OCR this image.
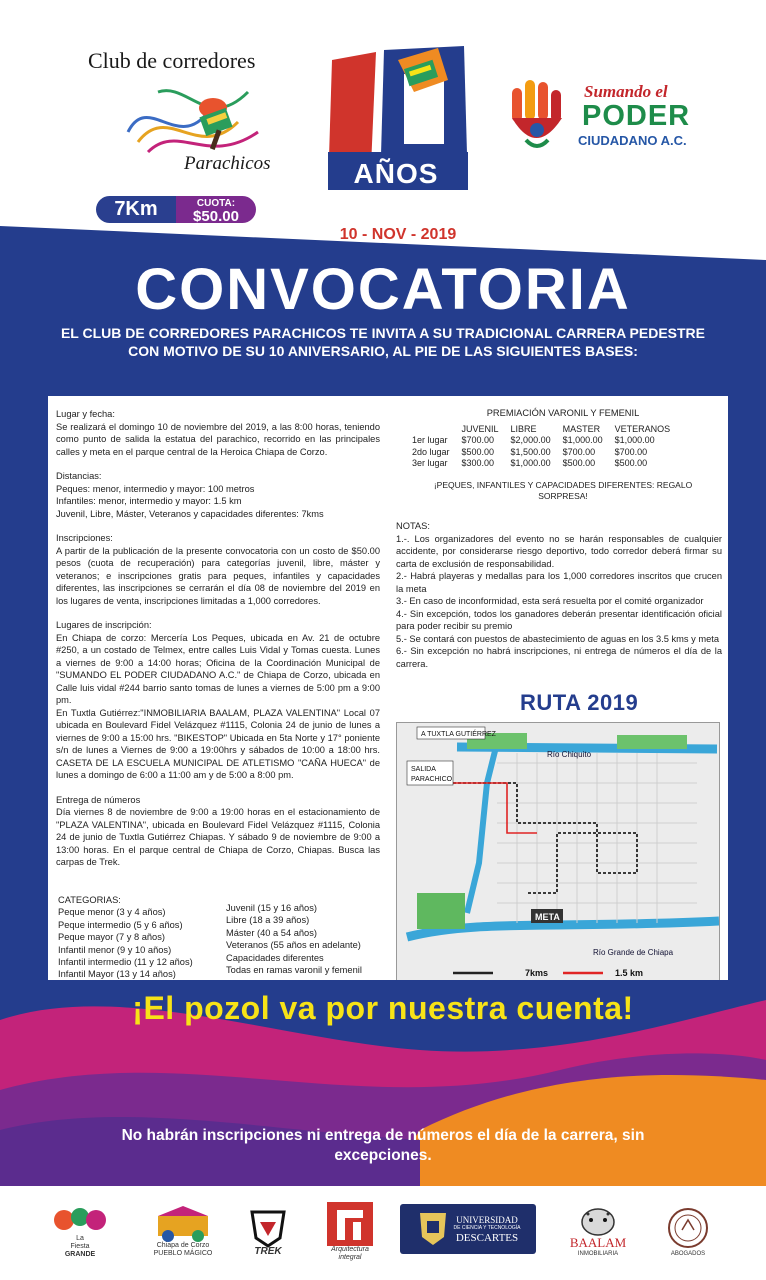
Club de corredores
Parachicos
7Km	CUOTA:
$50.00
AÑOS
10 - NOV - 2019
Sumando el
PODER
CIUDADANO A.C.
CONVOCATORIA
EL CLUB DE CORREDORES PARACHICOS TE INVITA A SU TRADICIONAL CARRERA PEDESTRE CON MOTIVO DE SU 10 ANIVERSARIO, AL PIE DE LAS SIGUIENTES BASES:
Lugar y fecha:
Se realizará el domingo 10 de noviembre del 2019, a las 8:00 horas, teniendo como punto de salida la estatua del parachico, recorrido en las principales calles y meta en el parque central de la Heroica Chiapa de Corzo.
Distancias:
Peques: menor, intermedio y mayor: 100 metros
Infantiles: menor, intermedio y mayor: 1.5 km
Juvenil, Libre, Máster, Veteranos y capacidades diferentes: 7kms
Inscripciones:
A partir de la publicación de la presente convocatoria con un costo de $50.00 pesos (cuota de recuperación) para categorías juvenil, libre, máster y veteranos; e inscripciones gratis para peques, infantiles y capacidades diferentes, las inscripciones se cerrarán el día 08 de noviembre del 2019 en los lugares de venta, inscripciones limitadas a 1,000 corredores.
Lugares de inscripción:
En Chiapa de corzo: Mercería Los Peques, ubicada en Av. 21 de octubre #250, a un costado de Telmex, entre calles Luis Vidal y Tomas cuesta. Lunes a viernes de 9:00 a 14:00 horas; Oficina de la Coordinación Municipal de "SUMANDO EL PODER CIUDADANO A.C." de Chiapa de Corzo, ubicada en Calle luis vidal #244 barrio santo tomas de lunes a viernes de 5:00 pm a 9:00 pm.
En Tuxtla Gutiérrez:"INMOBILIARIA BAALAM, PLAZA VALENTINA" Local 07 ubicada en Boulevard Fidel Velázquez #1115, Colonia 24 de junio de lunes a viernes de 9:00 a 15:00 hrs. "BIKESTOP" Ubicada en 5ta Norte y 17° poniente s/n de lunes a Viernes de 9:00 a 19:00hrs y sábados de 10:00 a 18:00 hrs. CASETA DE LA ESCUELA MUNICIPAL DE ATLETISMO "CAÑA HUECA" de lunes a domingo de 6:00 a 11:00 am y de 5:00 a 8:00 pm.
Entrega de números
Día viernes 8 de noviembre de 9:00 a 19:00 horas en el estacionamiento de "PLAZA VALENTINA", ubicada en Boulevard Fidel Velázquez #1115, Colonia 24 de junio de Tuxtla Gutiérrez Chiapas. Y sábado 9 de noviembre de 9:00 a 13:00 horas. En el parque central de Chiapa de Corzo, Chiapas. Busca las carpas de Trek.
CATEGORIAS:
Peque menor (3 y 4 años)
Peque intermedio (5 y 6 años)
Peque mayor (7 y 8 años)
Infantil menor (9 y 10 años)
Infantil intermedio (11 y 12 años)
Infantil Mayor (13 y 14 años)
Juvenil (15 y 16 años)
Libre (18 a 39 años)
Máster (40 a 54 años)
Veteranos (55 años en adelante)
Capacidades diferentes
Todas en ramas varonil y femenil
PREMIACIÓN VARONIL Y FEMENIL
	JUVENIL	LIBRE	MASTER	VETERANOS
1er lugar	$700.00	$2,000.00	$1,000.00	$1,000.00
2do lugar	$500.00	$1,500.00	$700.00	$700.00
3er lugar	$300.00	$1,000.00	$500.00	$500.00
¡PEQUES, INFANTILES Y CAPACIDADES DIFERENTES: REGALO SORPRESA!
NOTAS:
1.-. Los organizadores del evento no se harán responsables de cualquier accidente, por considerarse riesgo deportivo, todo corredor deberá firmar su carta de exclusión de responsabilidad.
2.- Habrá playeras y medallas para los 1,000 corredores inscritos que crucen la meta
3.- En caso de inconformidad, esta será resuelta por el comité organizador
4.- Sin excepción, todos los ganadores deberán presentar identificación oficial para poder recibir su premio
5.- Se contará con puestos de abastecimiento de aguas en los 3.5 kms y meta
6.- Sin excepción no habrá inscripciones, ni entrega de números el día de la carrera.
RUTA 2019
A TUXTLA GUTIÉRREZ
SALIDA
PARACHICO
Río Chiquito
META
Río Grande de Chiapa
7kms	1.5 km
¡El pozol va por nuestra cuenta!
No habrán inscripciones ni entrega de números el día de la carrera, sin excepciones.
La
Fiesta
GRANDE
Chiapa de Corzo
PUEBLO MÁGICO	TREK	Arquitectura
integral
UNIVERSIDAD
DE CIENCIA Y TECNOLOGÍA
DESCARTES	BAALAM
INMOBILIARIA	ABOGADOS
